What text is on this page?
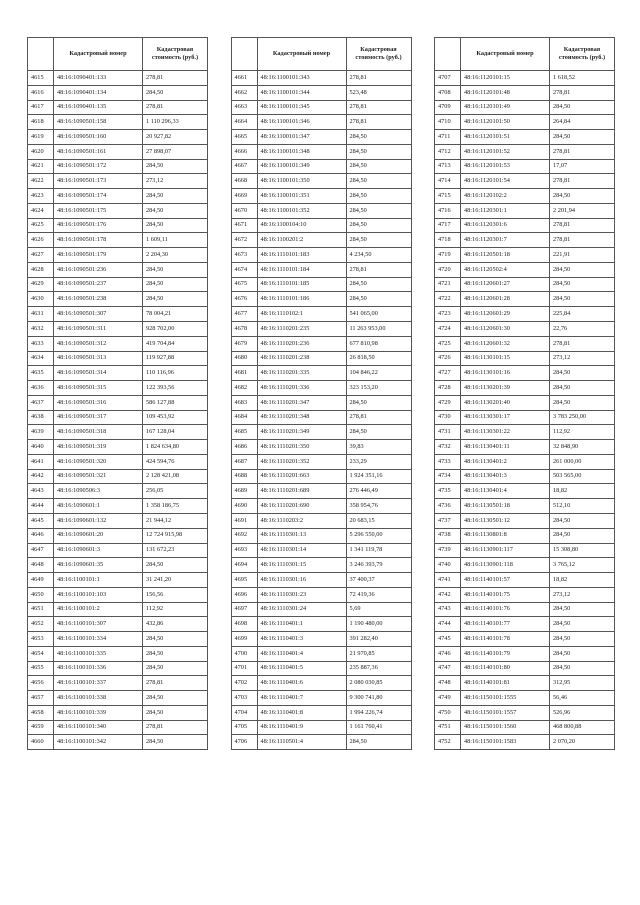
	Кадастровый номер	Кадастровая стоимость (руб.)
4615	48:16:1090401:133	278,81
4616	48:16:1090401:134	284,50
4617	48:16:1090401:135	278,81
4618	48:16:1090501:158	1 110 296,33
4619	48:16:1090501:160	20 927,82
4620	48:16:1090501:161	27 898,07
4621	48:16:1090501:172	284,50
4622	48:16:1090501:173	273,12
4623	48:16:1090501:174	284,50
4624	48:16:1090501:175	284,50
4625	48:16:1090501:176	284,50
4626	48:16:1090501:178	1 609,11
4627	48:16:1090501:179	2 204,30
4628	48:16:1090501:236	284,50
4629	48:16:1090501:237	284,50
4630	48:16:1090501:238	284,50
4631	48:16:1090501:307	78 004,21
4632	48:16:1090501:311	928 702,00
4633	48:16:1090501:312	419 704,84
4634	48:16:1090501:313	119 927,88
4635	48:16:1090501:314	110 116,96
4636	48:16:1090501:315	122 393,56
4637	48:16:1090501:316	586 127,88
4638	48:16:1090501:317	109 453,92
4639	48:16:1090501:318	167 128,04
4640	48:16:1090501:319	1 824 634,80
4641	48:16:1090501:320	424 594,76
4642	48:16:1090501:321	2 128 421,08
4643	48:16:1090506:3	256,05
4644	48:16:1090601:1	1 358 186,75
4645	48:16:1090601:132	21 944,12
4646	48:16:1090601:20	12 724 915,98
4647	48:16:1090601:3	131 672,23
4648	48:16:1090601:35	284,50
4649	48:16:1100101:1	31 241,20
4650	48:16:1100101:103	156,56
4651	48:16:1100101:2	112,92
4652	48:16:1100101:307	432,86
4653	48:16:1100101:334	284,50
4654	48:16:1100101:335	284,50
4655	48:16:1100101:336	284,50
4656	48:16:1100101:337	278,81
4657	48:16:1100101:338	284,50
4658	48:16:1100101:339	284,50
4659	48:16:1100101:340	278,81
4660	48:16:1100101:342	284,50
	Кадастровый номер	Кадастровая стоимость (руб.)
4661	48:16:1100101:343	278,81
4662	48:16:1100101:344	523,48
4663	48:16:1100101:345	278,81
4664	48:16:1100101:346	278,81
4665	48:16:1100101:347	284,50
4666	48:16:1100101:348	284,50
4667	48:16:1100101:349	284,50
4668	48:16:1100101:350	284,50
4669	48:16:1100101:351	284,50
4670	48:16:1100101:352	284,50
4671	48:16:1100104:10	284,50
4672	48:16:1100201:2	284,50
4673	48:16:1110101:183	4 234,50
4674	48:16:1110101:184	278,81
4675	48:16:1110101:185	284,50
4676	48:16:1110101:186	284,50
4677	48:16:1110102:1	541 065,00
4678	48:16:1110201:235	11 263 953,00
4679	48:16:1110201:236	677 810,98
4680	48:16:1110201:238	26 818,50
4681	48:16:1110201:335	104 846,22
4682	48:16:1110201:336	323 153,20
4683	48:16:1110201:347	284,50
4684	48:16:1110201:348	278,81
4685	48:16:1110201:349	284,50
4686	48:16:1110201:350	39,83
4687	48:16:1110201:352	233,29
4688	48:16:1110201:663	1 924 351,16
4689	48:16:1110201:689	276 446,49
4690	48:16:1110201:690	358 954,76
4691	48:16:1110203:2	20 683,15
4692	48:16:1110301:13	5 296 550,00
4693	48:16:1110301:14	1 341 119,78
4694	48:16:1110301:15	3 246 393,79
4695	48:16:1110301:16	37 400,37
4696	48:16:1110301:23	72 419,36
4697	48:16:1110301:24	5,69
4698	48:16:1110401:1	1 190 480,00
4699	48:16:1110401:3	391 282,40
4700	48:16:1110401:4	21 970,85
4701	48:16:1110401:5	235 887,36
4702	48:16:1110401:6	2 080 030,85
4703	48:16:1110401:7	9 300 741,80
4704	48:16:1110401:8	1 994 226,74
4705	48:16:1110401:9	1 161 760,41
4706	48:16:1110501:4	284,50
	Кадастровый номер	Кадастровая стоимость (руб.)
4707	48:16:1120101:15	1 618,52
4708	48:16:1120101:48	278,81
4709	48:16:1120101:49	284,50
4710	48:16:1120101:50	264,84
4711	48:16:1120101:51	284,50
4712	48:16:1120101:52	278,81
4713	48:16:1120101:53	17,07
4714	48:16:1120101:54	278,81
4715	48:16:1120102:2	284,50
4716	48:16:1120301:1	2 201,94
4717	48:16:1120301:6	278,81
4718	48:16:1120301:7	278,81
4719	48:16:1120501:18	221,91
4720	48:16:1120502:4	284,50
4721	48:16:1120601:27	284,50
4722	48:16:1120601:28	284,50
4723	48:16:1120601:29	225,84
4724	48:16:1120601:30	22,76
4725	48:16:1120601:32	278,81
4726	48:16:1130101:15	273,12
4727	48:16:1130101:16	284,50
4728	48:16:1130201:39	284,50
4729	48:16:1130201:40	284,50
4730	48:16:1130301:17	3 783 250,00
4731	48:16:1130301:22	112,92
4732	48:16:1130401:11	32 848,90
4733	48:16:1130401:2	261 000,00
4734	48:16:1130401:3	503 565,00
4735	48:16:1130401:4	18,82
4736	48:16:1130501:18	512,10
4737	48:16:1130501:12	284,50
4738	48:16:1130801:8	284,50
4739	48:16:1130901:117	15 308,80
4740	48:16:1130901:118	3 765,12
4741	48:16:1140101:57	18,82
4742	48:16:1140101:75	273,12
4743	48:16:1140101:76	284,50
4744	48:16:1140101:77	284,50
4745	48:16:1140101:78	284,50
4746	48:16:1140101:79	284,50
4747	48:16:1140101:80	284,50
4748	48:16:1140101:81	312,95
4749	48:16:1150101:1555	56,46
4750	48:16:1150101:1557	526,96
4751	48:16:1150101:1560	468 800,88
4752	48:16:1150101:1583	2 070,20
